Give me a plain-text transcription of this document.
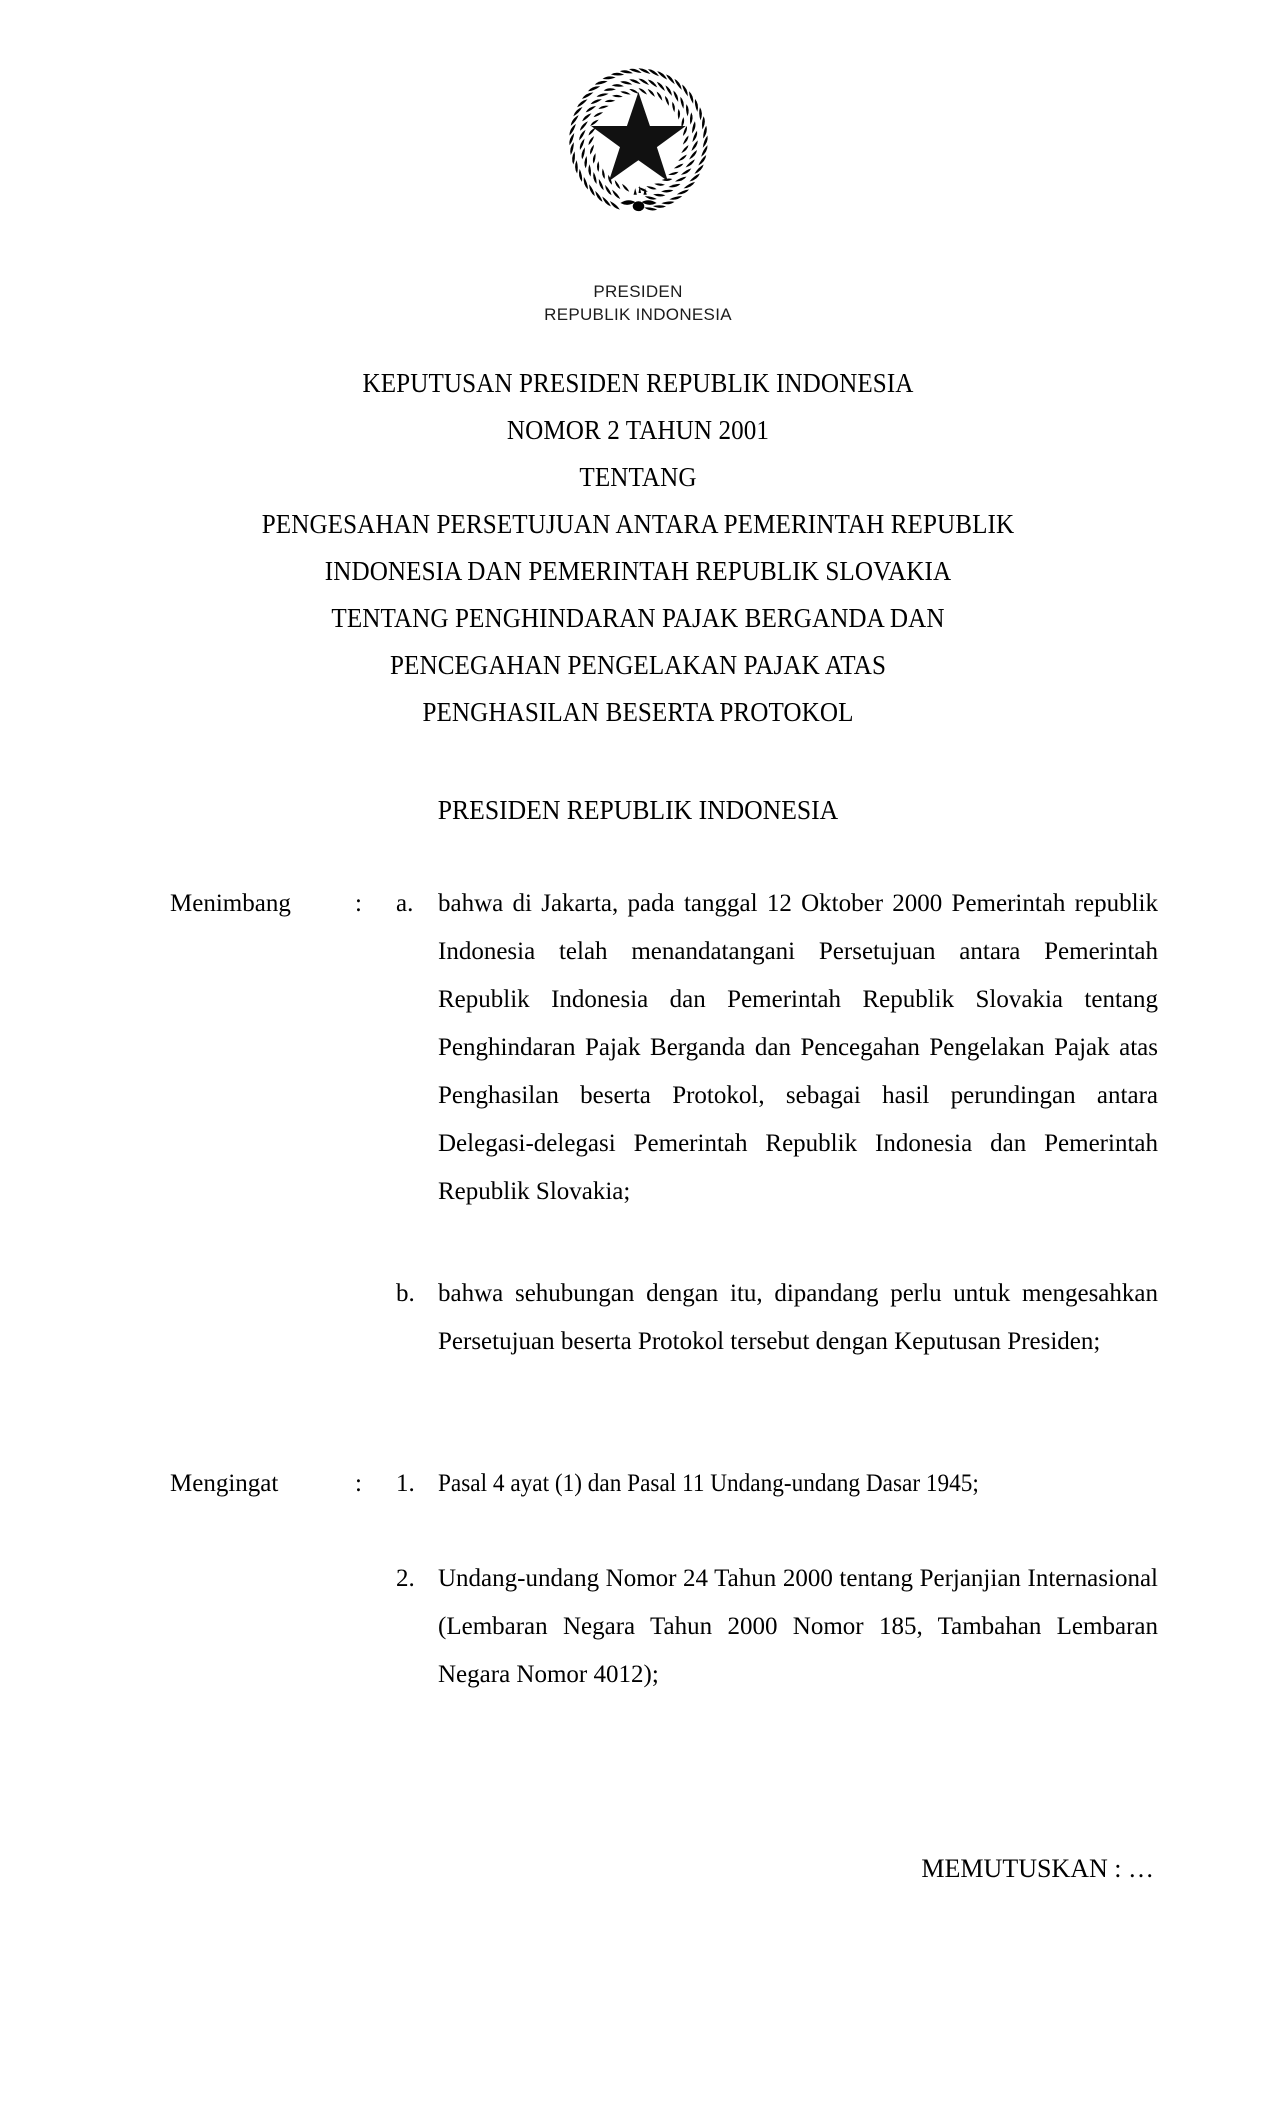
PRESIDEN
REPUBLIK INDONESIA
KEPUTUSAN PRESIDEN REPUBLIK INDONESIA
NOMOR 2 TAHUN 2001
TENTANG
PENGESAHAN PERSETUJUAN ANTARA PEMERINTAH REPUBLIK
INDONESIA DAN PEMERINTAH REPUBLIK SLOVAKIA
TENTANG PENGHINDARAN PAJAK BERGANDA DAN
PENCEGAHAN PENGELAKAN PAJAK ATAS
PENGHASILAN BESERTA PROTOKOL
PRESIDEN REPUBLIK INDONESIA
Menimbang	: a. bahwa di Jakarta, pada tanggal 12 Oktober 2000 Pemerintah republik Indonesia telah menandatangani Persetujuan antara Pemerintah Republik Indonesia dan Pemerintah Republik Slovakia tentang Penghindaran Pajak Berganda dan Pencegahan Pengelakan Pajak atas Penghasilan beserta Protokol, sebagai hasil perundingan antara Delegasi-delegasi Pemerintah Republik Indonesia dan Pemerintah Republik Slovakia;
b. bahwa sehubungan dengan itu, dipandang perlu untuk mengesahkan Persetujuan beserta Protokol tersebut dengan Keputusan Presiden;
Mengingat	: 1. Pasal 4 ayat (1) dan Pasal 11 Undang-undang Dasar 1945;
2. Undang-undang Nomor 24 Tahun 2000 tentang Perjanjian Internasional (Lembaran Negara Tahun 2000 Nomor 185, Tambahan Lembaran Negara Nomor 4012);
MEMUTUSKAN : …
